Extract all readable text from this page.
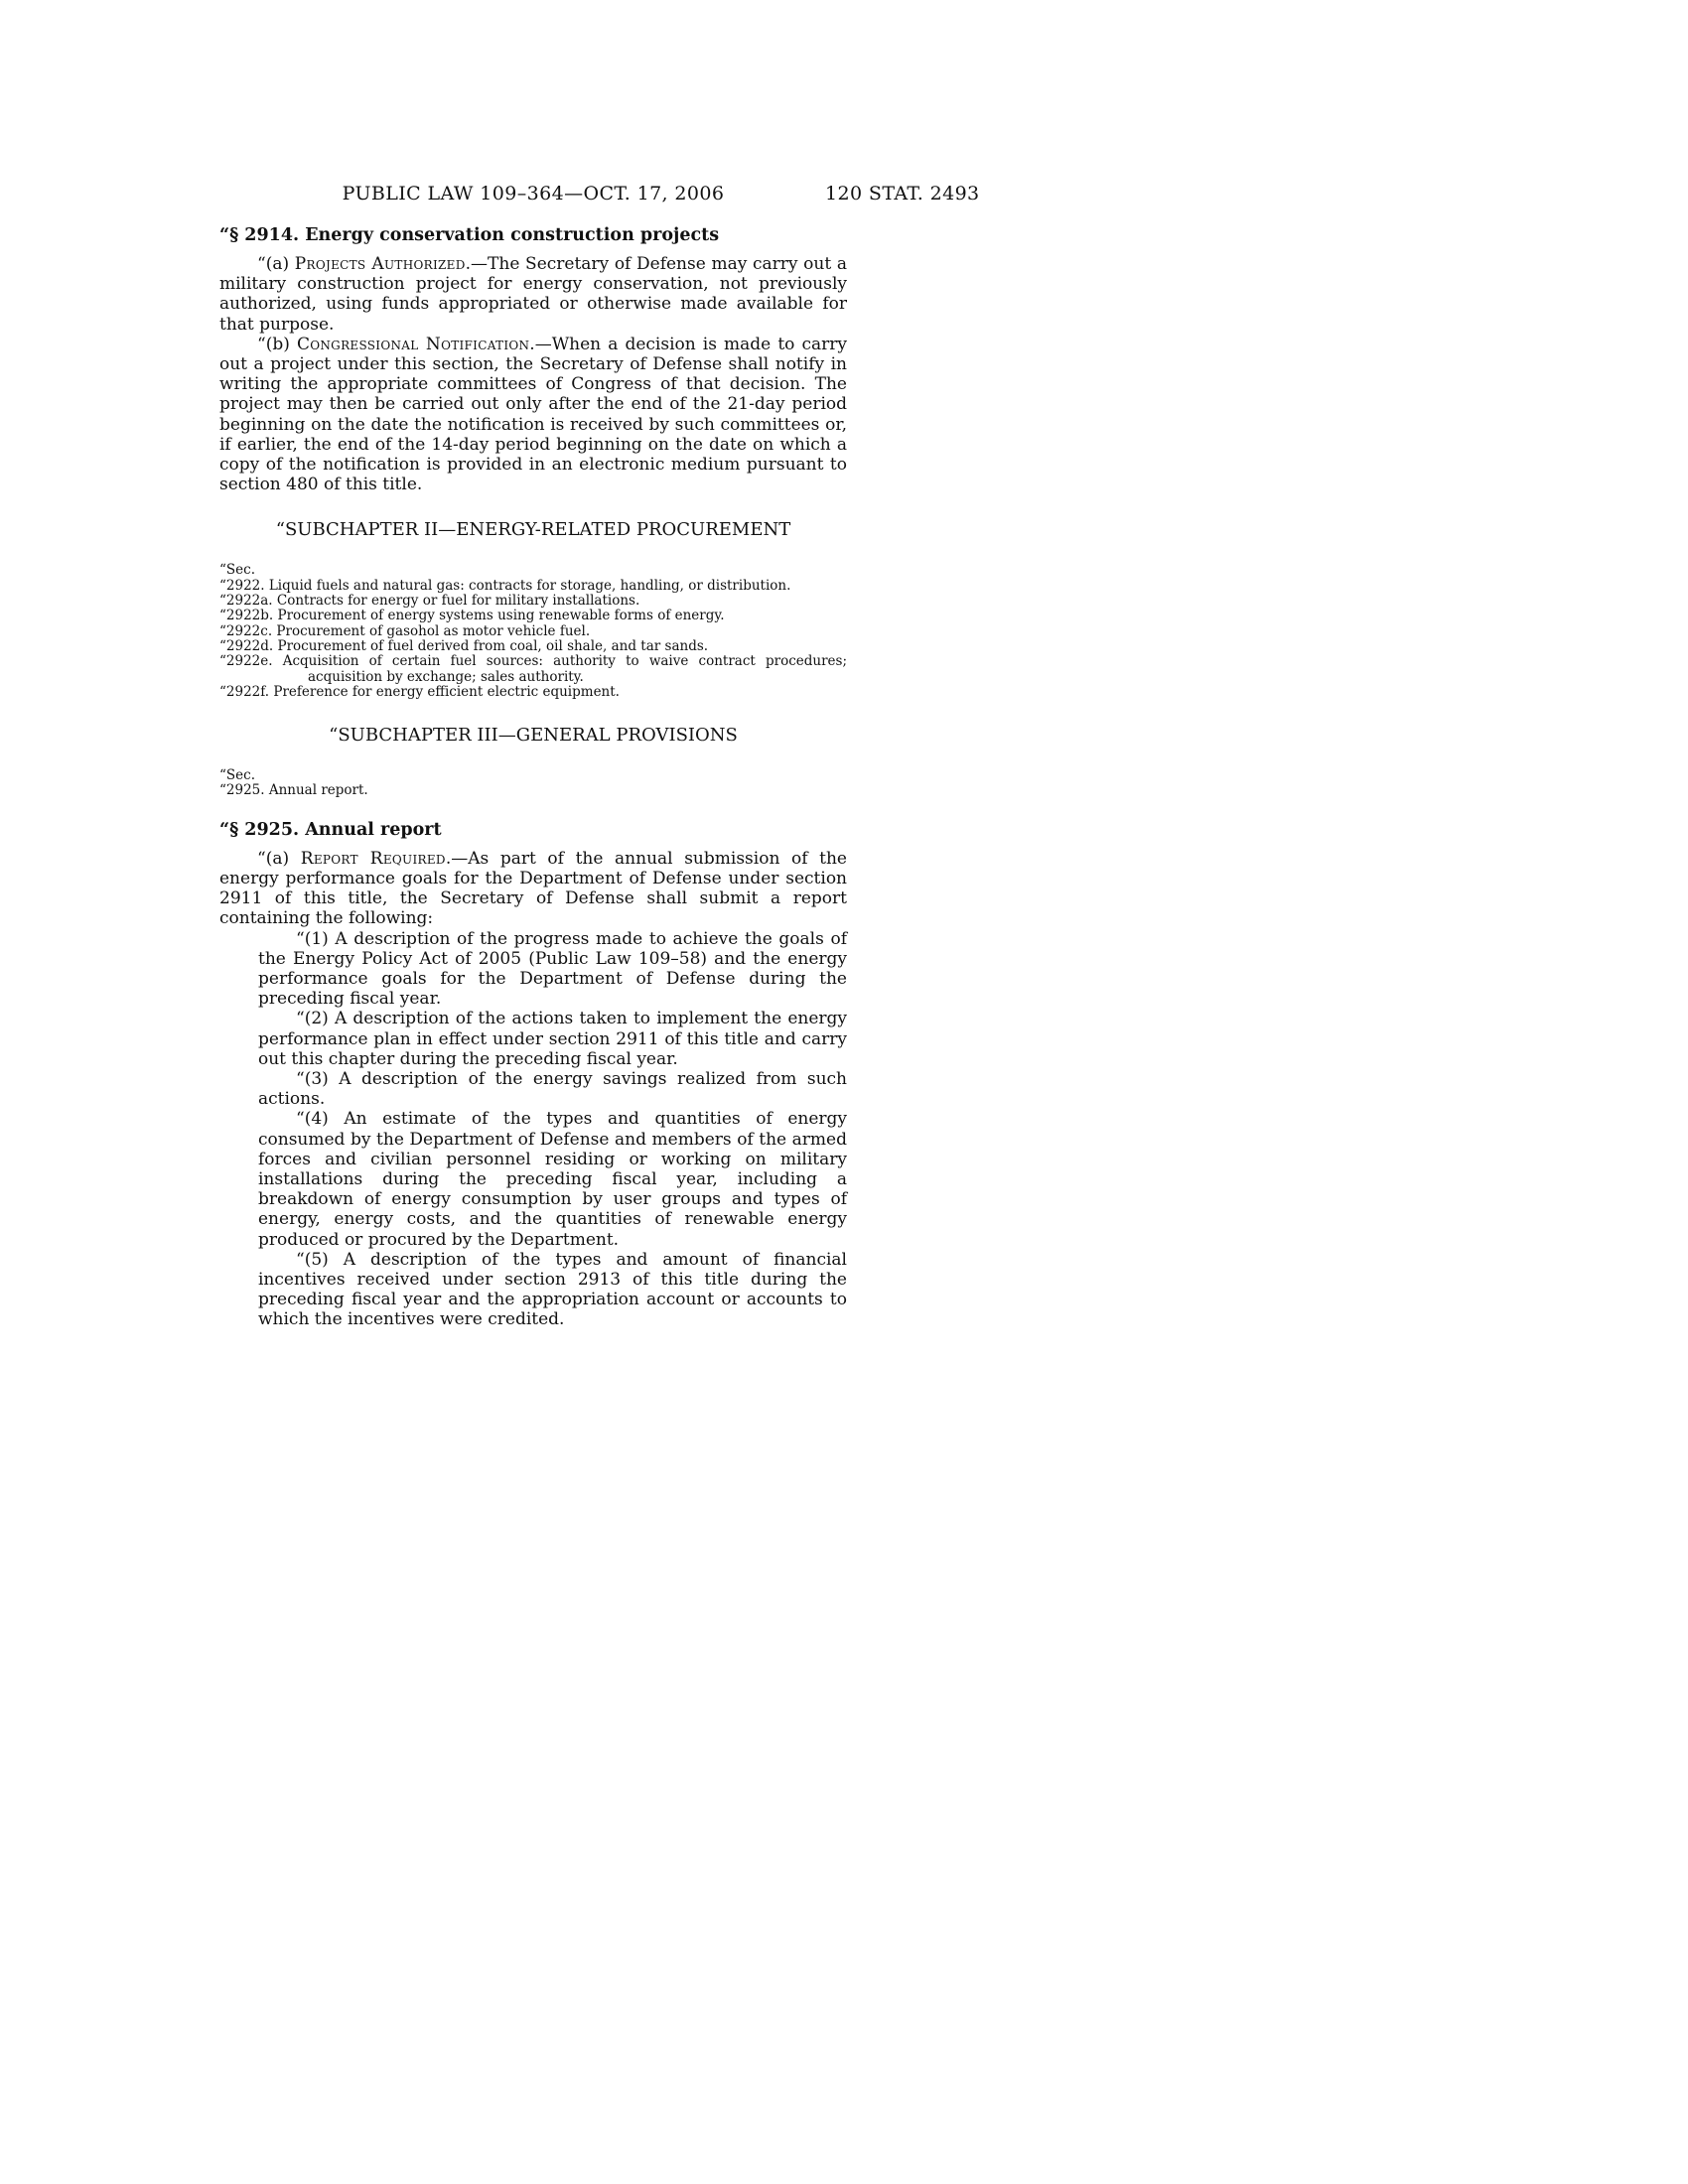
PUBLIC LAW 109–364—OCT. 17, 2006	120 STAT. 2493
“§ 2914. Energy conservation construction projects

“(a) Projects Authorized.—The Secretary of Defense may carry out a military construction project for energy conservation, not previously authorized, using funds appropriated or otherwise made available for that purpose.

“(b) Congressional Notification.—When a decision is made to carry out a project under this section, the Secretary of Defense shall notify in writing the appropriate committees of Congress of that decision. The project may then be carried out only after the end of the 21-day period beginning on the date the notification is received by such committees or, if earlier, the end of the 14-day period beginning on the date on which a copy of the notification is provided in an electronic medium pursuant to section 480 of this title.

“SUBCHAPTER II—ENERGY-RELATED PROCUREMENT
“Sec.
“2922. Liquid fuels and natural gas: contracts for storage, handling, or distribution.
“2922a. Contracts for energy or fuel for military installations.
“2922b. Procurement of energy systems using renewable forms of energy.
“2922c. Procurement of gasohol as motor vehicle fuel.
“2922d. Procurement of fuel derived from coal, oil shale, and tar sands.
“2922e. Acquisition of certain fuel sources: authority to waive contract procedures; acquisition by exchange; sales authority.
“2922f. Preference for energy efficient electric equipment.
“SUBCHAPTER III—GENERAL PROVISIONS
“Sec.
“2925. Annual report.
“§ 2925. Annual report

“(a) Report Required.—As part of the annual submission of the energy performance goals for the Department of Defense under section 2911 of this title, the Secretary of Defense shall submit a report containing the following:

“(1) A description of the progress made to achieve the goals of the Energy Policy Act of 2005 (Public Law 109–58) and the energy performance goals for the Department of Defense during the preceding fiscal year.

“(2) A description of the actions taken to implement the energy performance plan in effect under section 2911 of this title and carry out this chapter during the preceding fiscal year.

“(3) A description of the energy savings realized from such actions.

“(4) An estimate of the types and quantities of energy consumed by the Department of Defense and members of the armed forces and civilian personnel residing or working on military installations during the preceding fiscal year, including a breakdown of energy consumption by user groups and types of energy, energy costs, and the quantities of renewable energy produced or procured by the Department.

“(5) A description of the types and amount of financial incentives received under section 2913 of this title during the preceding fiscal year and the appropriation account or accounts to which the incentives were credited.
